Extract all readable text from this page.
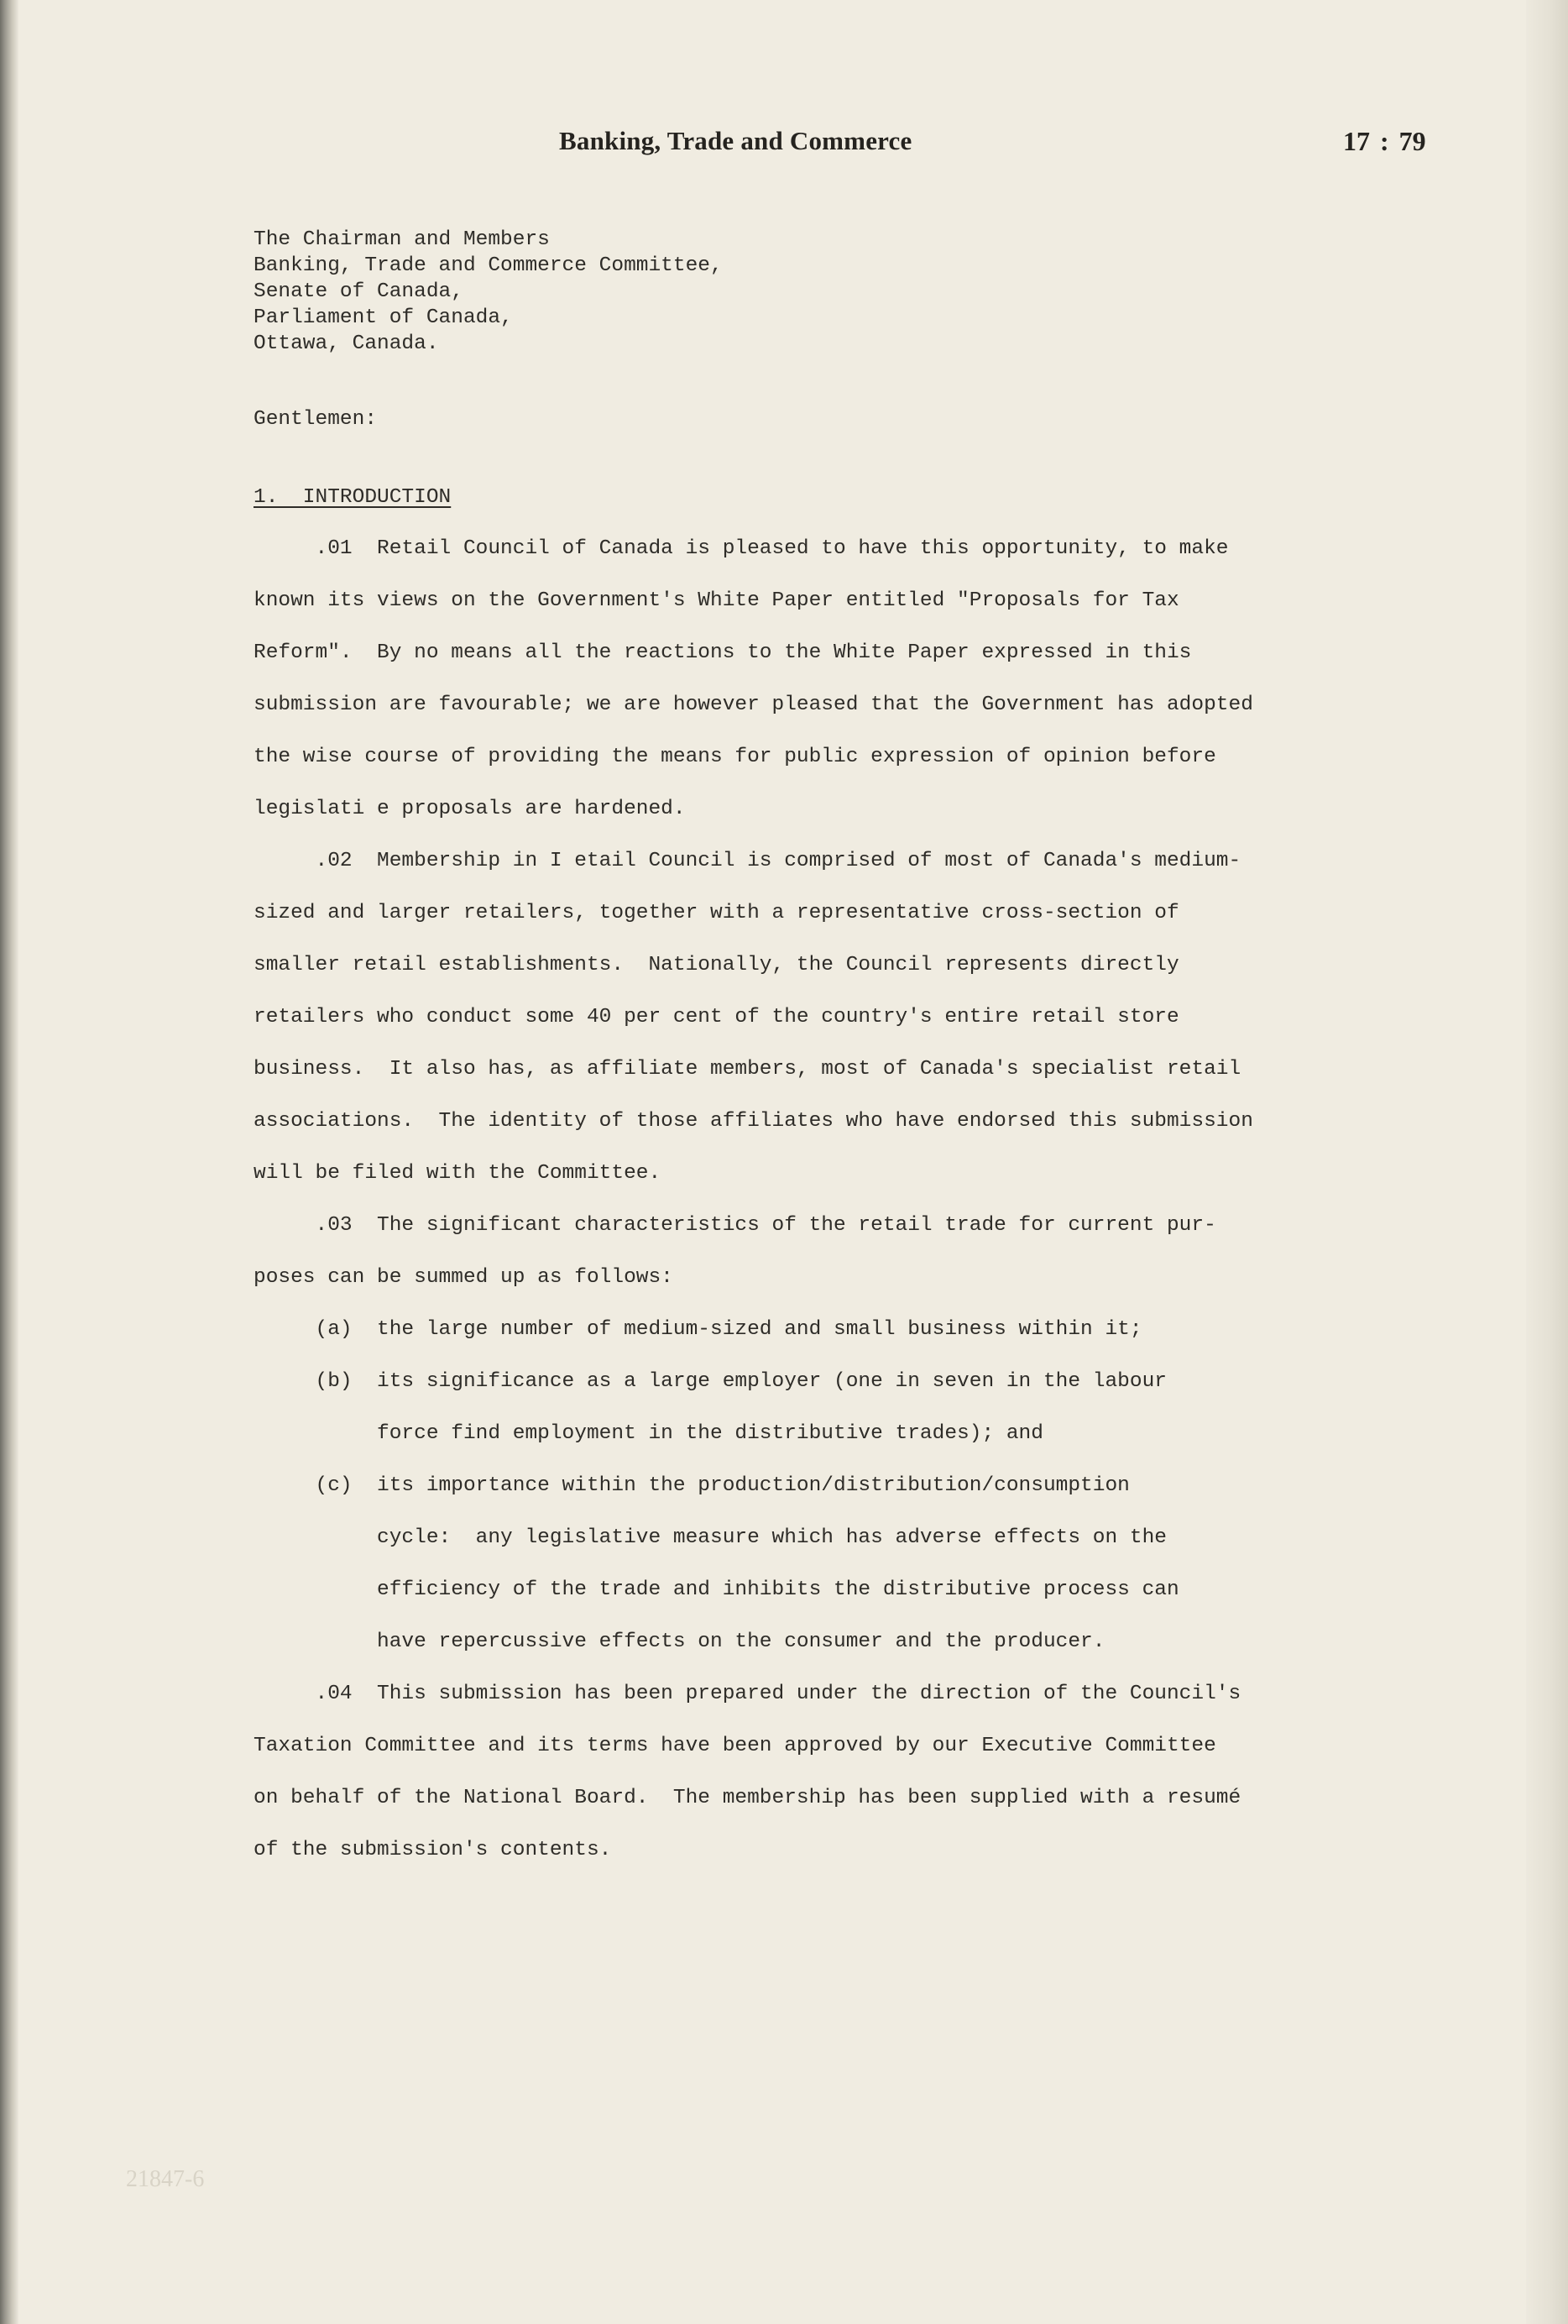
Banking, Trade and Commerce	17 : 79

The Chairman and Members

Banking, Trade and Commerce Committee,

Senate of Canada,

Parliament of Canada,

Ottawa, Canada.

Gentlemen:

1.  INTRODUCTION

.01  Retail Council of Canada is pleased to have this opportunity, to make

known its views on the Government's White Paper entitled "Proposals for Tax

Reform".  By no means all the reactions to the White Paper expressed in this

submission are favourable; we are however pleased that the Government has adopted

the wise course of providing the means for public expression of opinion before

legislati e proposals are hardened.

.02  Membership in I etail Council is comprised of most of Canada's medium-

sized and larger retailers, together with a representative cross-section of

smaller retail establishments.  Nationally, the Council represents directly

retailers who conduct some 40 per cent of the country's entire retail store

business.  It also has, as affiliate members, most of Canada's specialist retail

associations.  The identity of those affiliates who have endorsed this submission

will be filed with the Committee.

.03  The significant characteristics of the retail trade for current pur-

poses can be summed up as follows:

(a)  the large number of medium-sized and small business within it;

(b)  its significance as a large employer (one in seven in the labour

force find employment in the distributive trades); and

(c)  its importance within the production/distribution/consumption

cycle:  any legislative measure which has adverse effects on the

efficiency of the trade and inhibits the distributive process can

have repercussive effects on the consumer and the producer.

.04  This submission has been prepared under the direction of the Council's

Taxation Committee and its terms have been approved by our Executive Committee

on behalf of the National Board.  The membership has been supplied with a resumé

of the submission's contents.

21847-6
